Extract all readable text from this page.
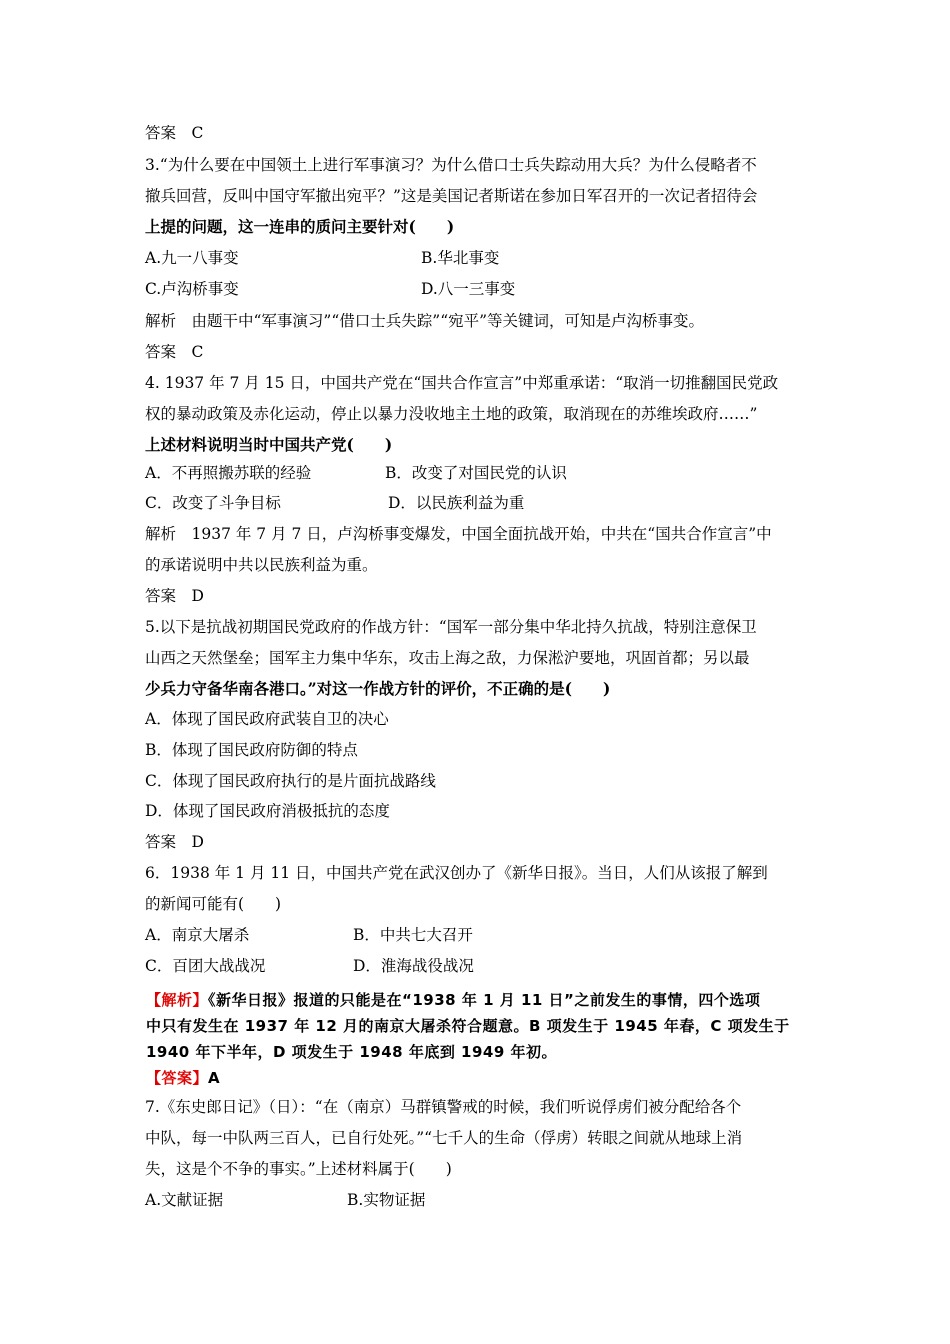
答案　C
3.“为什么要在中国领土上进行军事演习？为什么借口士兵失踪动用大兵？为什么侵略者不
撤兵回营，反叫中国守军撤出宛平？”这是美国记者斯诺在参加日军召开的一次记者招待会
上提的问题，这一连串的质问主要针对(　　)
A.九一八事变	B.华北事变
C.卢沟桥事变	D.八一三事变
解析　由题干中“军事演习”“借口士兵失踪”“宛平”等关键词，可知是卢沟桥事变。
答案　C
4. 1937 年 7 月 15 日，中国共产党在“国共合作宣言”中郑重承诺：“取消一切推翻国民党政
权的暴动政策及赤化运动，停止以暴力没收地主土地的政策，取消现在的苏维埃政府……”
上述材料说明当时中国共产党(　　)
A．不再照搬苏联的经验	B．改变了对国民党的认识
C．改变了斗争目标	D．以民族利益为重
解析　1937 年 7 月 7 日，卢沟桥事变爆发，中国全面抗战开始，中共在“国共合作宣言”中
的承诺说明中共以民族利益为重。
答案　D
5.以下是抗战初期国民党政府的作战方针：“国军一部分集中华北持久抗战，特别注意保卫
山西之天然堡垒；国军主力集中华东，攻击上海之敌，力保淞沪要地，巩固首都；另以最
少兵力守备华南各港口。”对这一作战方针的评价，不正确的是(　　)
A．体现了国民政府武装自卫的决心
B．体现了国民政府防御的特点
C．体现了国民政府执行的是片面抗战路线
D．体现了国民政府消极抵抗的态度
答案　D
6．1938 年 1 月 11 日，中国共产党在武汉创办了《新华日报》。当日，人们从该报了解到
的新闻可能有(　　)
A．南京大屠杀	B．中共七大召开
C．百团大战战况	D．淮海战役战况
【解析】《新华日报》报道的只能是在“1938 年 1 月 11 日”之前发生的事情，四个选项
中只有发生在 1937 年 12 月的南京大屠杀符合题意。B 项发生于 1945 年春，C 项发生于
1940 年下半年，D 项发生于 1948 年底到 1949 年初。
【答案】A
7.《东史郎日记》（日）：“在（南京）马群镇警戒的时候，我们听说俘虏们被分配给各个
中队，每一中队两三百人，已自行处死。”“七千人的生命（俘虏）转眼之间就从地球上消
失，这是个不争的事实。”上述材料属于(　　)
A.文献证据	B.实物证据
